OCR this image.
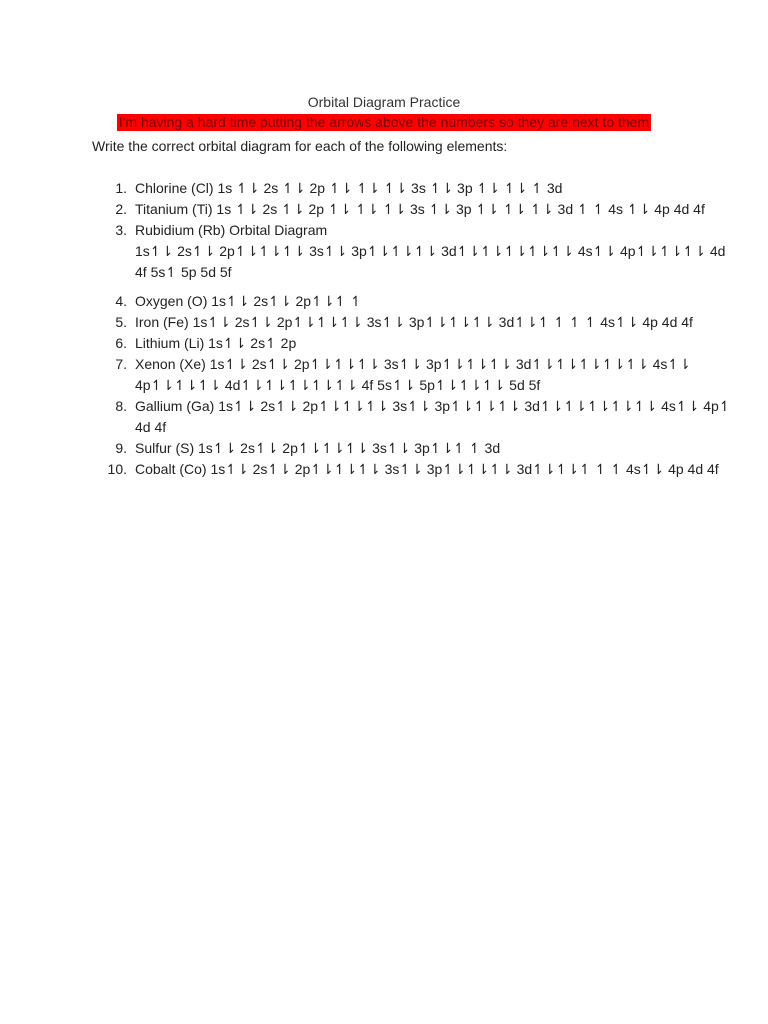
Orbital Diagram Practice
I'm having a hard time putting the arrows above the numbers so they are next to them
Write the correct orbital diagram for each of the following elements:
1. Chlorine (Cl) 1s ↿⇂ 2s ↿⇂ 2p ↿⇂ ↿⇂ ↿⇂ 3s ↿⇂ 3p ↿⇂ ↿⇂ ↿ 3d
2. Titanium (Ti) 1s ↿⇂ 2s ↿⇂ 2p ↿⇂ ↿⇂ ↿⇂ 3s ↿⇂ 3p ↿⇂ ↿⇂ ↿⇂ 3d ↿ ↿ 4s ↿⇂ 4p 4d 4f
3. Rubidium (Rb) Orbital Diagram
1s↿⇂ 2s↿⇂ 2p↿⇂↿⇂↿⇂ 3s↿⇂ 3p↿⇂↿⇂↿⇂ 3d↿⇂↿⇂↿⇂↿⇂↿⇂ 4s↿⇂ 4p↿⇂↿⇂↿⇂ 4d 4f 5s↿ 5p 5d 5f
4. Oxygen (O) 1s↿⇂ 2s↿⇂ 2p↿⇂↿ ↿
5. Iron (Fe) 1s↿⇂ 2s↿⇂ 2p↿⇂↿⇂↿⇂ 3s↿⇂ 3p↿⇂↿⇂↿⇂ 3d↿⇂↿ ↿ ↿ ↿ 4s↿⇂ 4p 4d 4f
6. Lithium (Li) 1s↿⇂ 2s↿ 2p
7. Xenon (Xe) 1s↿⇂ 2s↿⇂ 2p↿⇂↿⇂↿⇂ 3s↿⇂ 3p↿⇂↿⇂↿⇂ 3d↿⇂↿⇂↿⇂↿⇂↿⇂ 4s↿⇂ 4p↿⇂↿⇂↿⇂ 4d↿⇂↿⇂↿⇂↿⇂↿⇂ 4f 5s↿⇂ 5p↿⇂↿⇂↿⇂ 5d 5f
8. Gallium (Ga) 1s↿⇂ 2s↿⇂ 2p↿⇂↿⇂↿⇂ 3s↿⇂ 3p↿⇂↿⇂↿⇂ 3d↿⇂↿⇂↿⇂↿⇂↿⇂ 4s↿⇂ 4p↿ 4d 4f
9. Sulfur (S) 1s↿⇂ 2s↿⇂ 2p↿⇂↿⇂↿⇂ 3s↿⇂ 3p↿⇂↿ ↿ 3d
10. Cobalt (Co) 1s↿⇂ 2s↿⇂ 2p↿⇂↿⇂↿⇂ 3s↿⇂ 3p↿⇂↿⇂↿⇂ 3d↿⇂↿⇂↿ ↿ ↿ 4s↿⇂ 4p 4d 4f
